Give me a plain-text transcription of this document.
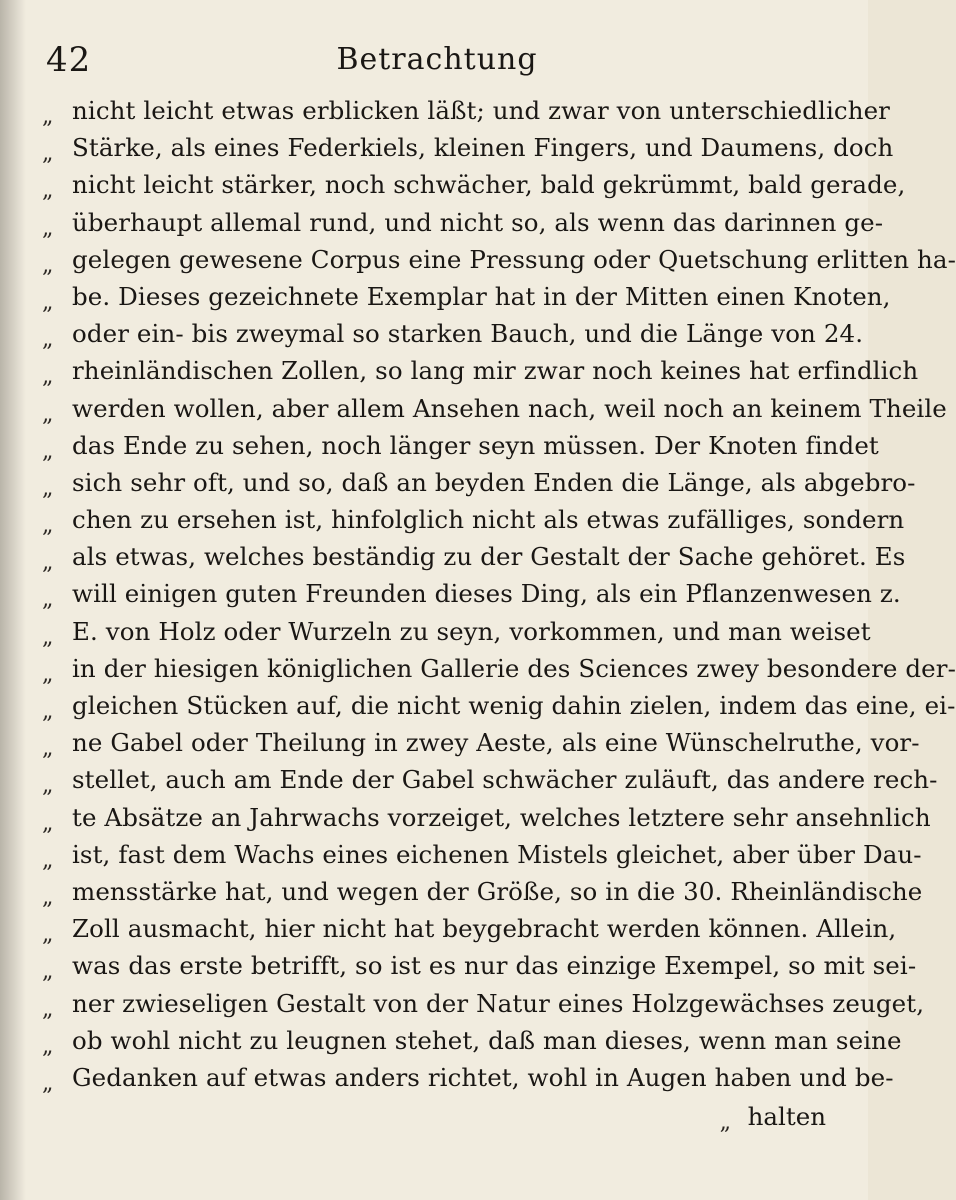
42	Betrachtung
„ nicht leicht etwas erblicken läßt; und zwar von unterschiedlicher
„ Stärke, als eines Federkiels, kleinen Fingers, und Daumens, doch
„ nicht leicht stärker, noch schwächer, bald gekrümmt, bald gerade,
„ überhaupt allemal rund, und nicht so, als wenn das darinnen ge-
„ gelegen gewesene Corpus eine Pressung oder Quetschung erlitten ha-
„ be. Dieses gezeichnete Exemplar hat in der Mitten einen Knoten,
„ oder ein- bis zweymal so starken Bauch, und die Länge von 24.
„ rheinländischen Zollen, so lang mir zwar noch keines hat erfindlich
„ werden wollen, aber allem Ansehen nach, weil noch an keinem Theile
„ das Ende zu sehen, noch länger seyn müssen. Der Knoten findet
„ sich sehr oft, und so, daß an beyden Enden die Länge, als abgebro-
„ chen zu ersehen ist, hinfolglich nicht als etwas zufälliges, sondern
„ als etwas, welches beständig zu der Gestalt der Sache gehöret. Es
„ will einigen guten Freunden dieses Ding, als ein Pflanzenwesen z.
„ E. von Holz oder Wurzeln zu seyn, vorkommen, und man weiset
„ in der hiesigen königlichen Gallerie des Sciences zwey besondere der-
„ gleichen Stücken auf, die nicht wenig dahin zielen, indem das eine, ei-
„ ne Gabel oder Theilung in zwey Aeste, als eine Wünschelruthe, vor-
„ stellet, auch am Ende der Gabel schwächer zuläuft, das andere rech-
„ te Absätze an Jahrwachs vorzeiget, welches letztere sehr ansehnlich
„ ist, fast dem Wachs eines eichenen Mistels gleichet, aber über Dau-
„ mensstärke hat, und wegen der Größe, so in die 30. Rheinländische
„ Zoll ausmacht, hier nicht hat beygebracht werden können. Allein,
„ was das erste betrifft, so ist es nur das einzige Exempel, so mit sei-
„ ner zwieseligen Gestalt von der Natur eines Holzgewächses zeuget,
„ ob wohl nicht zu leugnen stehet, daß man dieses, wenn man seine
„ Gedanken auf etwas anders richtet, wohl in Augen haben und be-
„ halten
